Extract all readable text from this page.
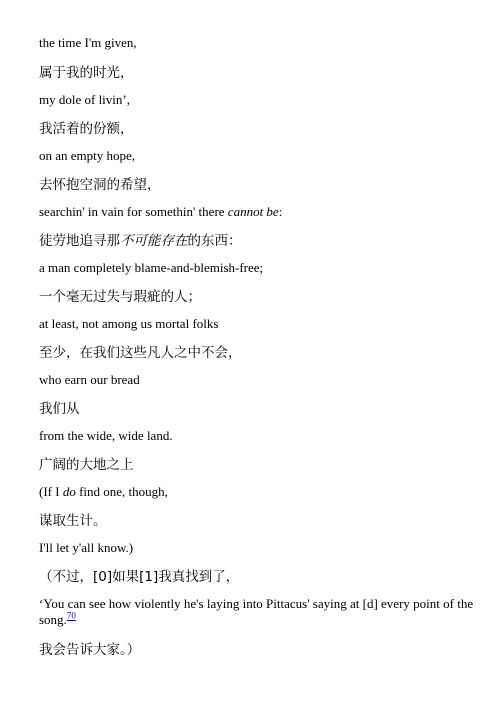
the time I'm given,

属于我的时光，

my dole of livin’,

我活着的份额，

on an empty hope,

去怀抱空洞的希望，

searchin' in vain for somethin' there cannot be:

徒劳地追寻那不可能存在的东西：

a man completely blame-and-blemish-free;

一个毫无过失与瑕疵的人；

at least, not among us mortal folks

至少，在我们这些凡人之中不会，

who earn our bread

我们从

from the wide, wide land.

广阔的大地之上

(If I do find one, though,

谋取生计。

I'll let y'all know.)

（不过，[0]如果[1]我真找到了，

‘You can see how violently he's laying into Pittacus' saying at [d] every point of the song.$^{70}$

我会告诉大家。）
